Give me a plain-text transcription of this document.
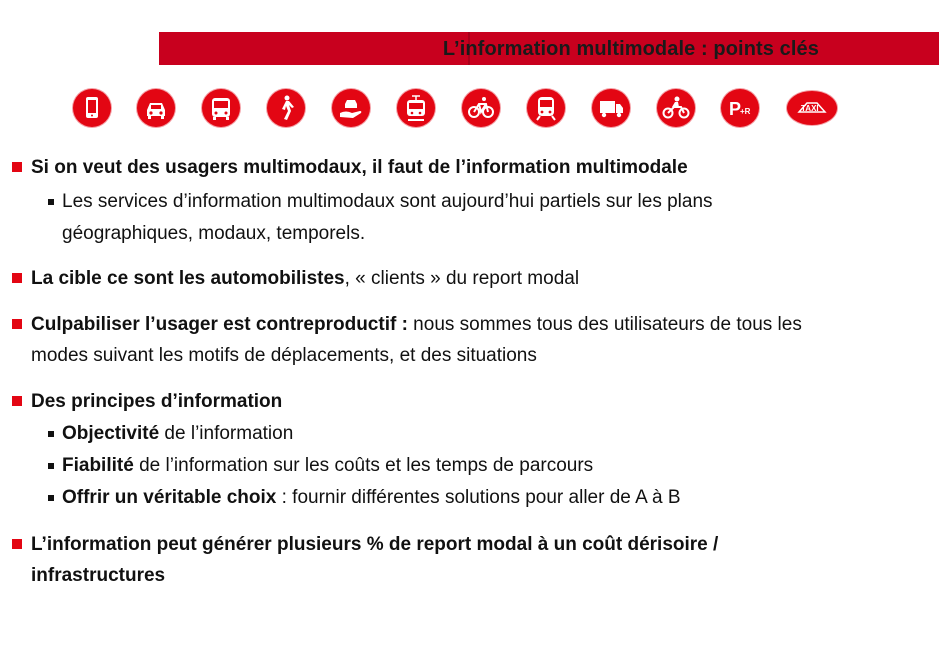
L’information multimodale : points clés
P
+R	TAXI
Si on veut des usagers multimodaux, il faut de l’information multimodale
Les services d’information multimodaux sont aujourd’hui partiels sur les plans
géographiques, modaux, temporels.
La cible ce sont les automobilistes, « clients » du report modal
Culpabiliser l’usager est contreproductif : nous sommes tous des utilisateurs de tous les
modes suivant les motifs de déplacements, et des situations
Des principes d’information
Objectivité de l’information
Fiabilité de l’information sur les coûts et les temps de parcours
Offrir un véritable choix : fournir différentes solutions pour aller de A à B
L’information peut générer plusieurs % de report modal à un coût dérisoire /
infrastructures
